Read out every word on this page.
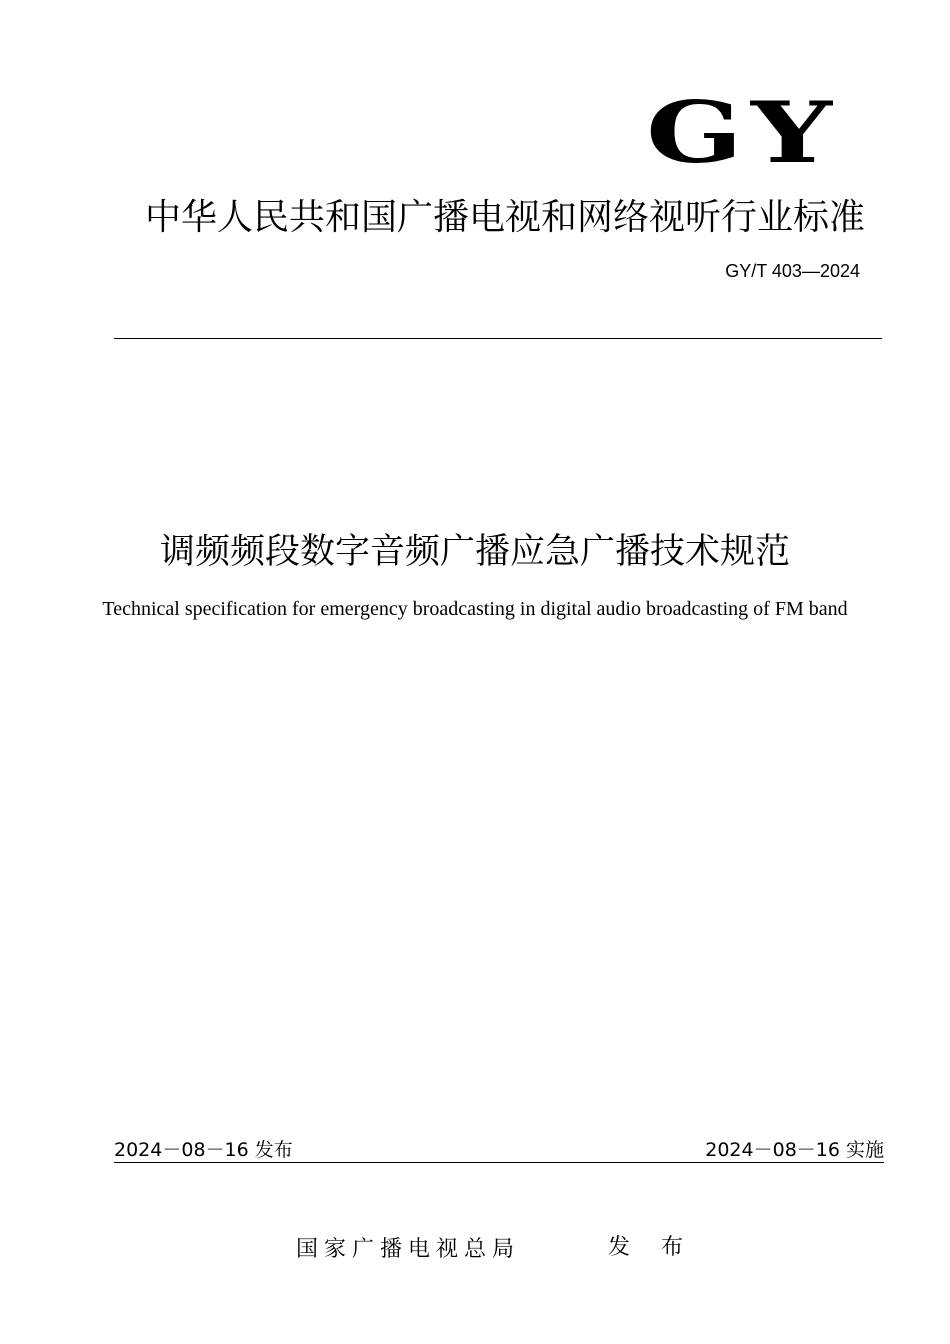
GY
中华人民共和国广播电视和网络视听行业标准
GY/T 403—2024
调频频段数字音频广播应急广播技术规范
Technical specification for emergency broadcasting in digital audio broadcasting of FM band
2024－08－16 发布	2024－08－16 实施
国家广播电视总局	发 布
